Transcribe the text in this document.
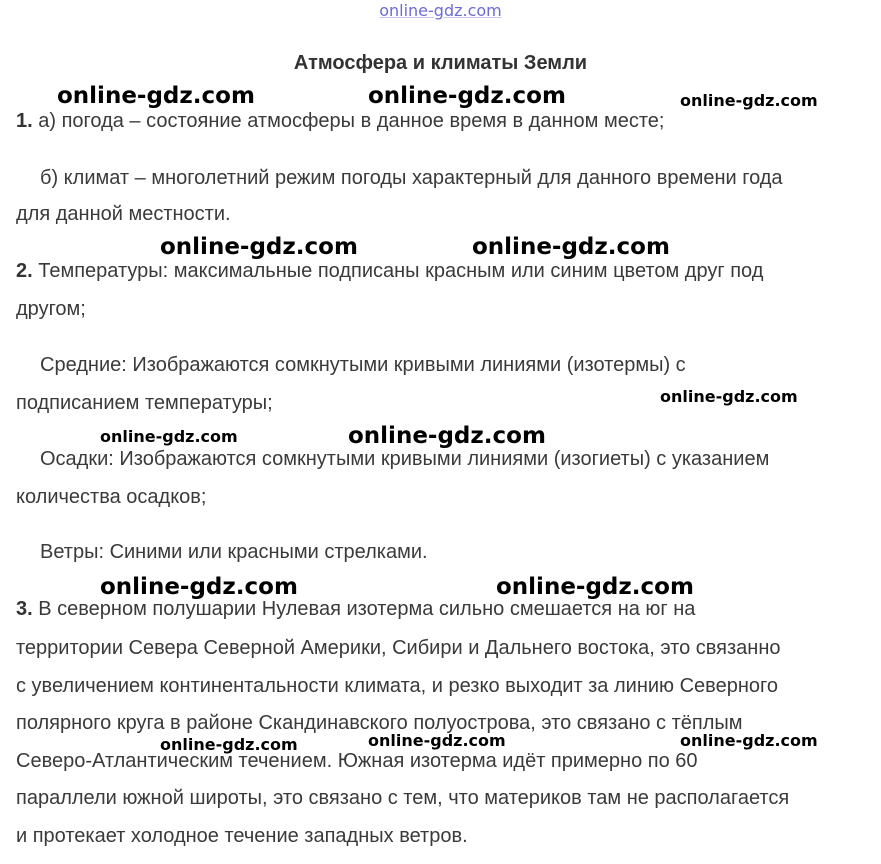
online-gdz.com
Атмосфера и климаты Земли
1. а) погода – состояние атмосферы в данное время в данном месте;
б) климат – многолетний режим погоды характерный для данного времени года
для данной местности.
2. Температуры: максимальные подписаны красным или синим цветом друг под
другом;
Средние: Изображаются сомкнутыми кривыми линиями (изотермы) с
подписанием температуры;
Осадки: Изображаются сомкнутыми кривыми линиями (изогиеты) с указанием
количества осадков;
Ветры: Синими или красными стрелками.
3. В северном полушарии Нулевая изотерма сильно смешается на юг на
территории Севера Северной Америки, Сибири и Дальнего востока, это связанно
с увеличением континентальности климата, и резко выходит за линию Северного
полярного круга в районе Скандинавского полуострова, это связано с тёплым
Северо-Атлантическим течением. Южная изотерма идёт примерно по 60
параллели южной широты, это связано с тем, что материков там не располагается
и протекает холодное течение западных ветров.
online-gdz.com	online-gdz.com	online-gdz.com
online-gdz.com	online-gdz.com
online-gdz.com
online-gdz.com	online-gdz.com
online-gdz.com	online-gdz.com
online-gdz.com	online-gdz.com	online-gdz.com
